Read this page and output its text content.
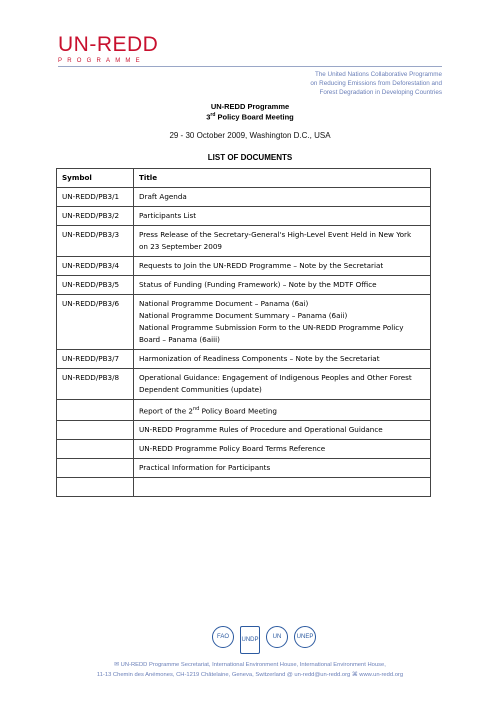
UN-REDD
PROGRAMME
The United Nations Collaborative Programme
on Reducing Emissions from Deforestation and
Forest Degradation in Developing Countries
UN-REDD Programme
3rd Policy Board Meeting
29 - 30 October 2009, Washington D.C., USA
LIST OF DOCUMENTS
Symbol	Title
UN-REDD/PB3/1	Draft Agenda

UN-REDD/PB3/2	Participants List

UN-REDD/PB3/3	Press Release of the Secretary-General's High-Level Event Held in New York
on 23 September 2009

UN-REDD/PB3/4	Requests to Join the UN-REDD Programme – Note by the Secretariat

UN-REDD/PB3/5	Status of Funding (Funding Framework) – Note by the MDTF Office

UN-REDD/PB3/6	National Programme Document – Panama (6ai)
National Programme Document Summary – Panama (6aii)
National Programme Submission Form to the UN-REDD Programme Policy
Board – Panama (6aiii)

UN-REDD/PB3/7	Harmonization of Readiness Components – Note by the Secretariat

UN-REDD/PB3/8	Operational Guidance: Engagement of Indigenous Peoples and Other Forest
Dependent Communities (update)

	Report of the 2nd Policy Board Meeting

	UN-REDD Programme Rules of Procedure and Operational Guidance

	UN-REDD Programme Policy Board Terms Reference

	Practical Information for Participants

FAO	UNDP	UN	UNEP
✉ UN-REDD Programme Secretariat, International Environment House, International Environment House,
11-13 Chemin des Anémones, CH-1219 Châtelaine, Geneva, Switzerland @ un-redd@un-redd.org ⌘ www.un-redd.org
